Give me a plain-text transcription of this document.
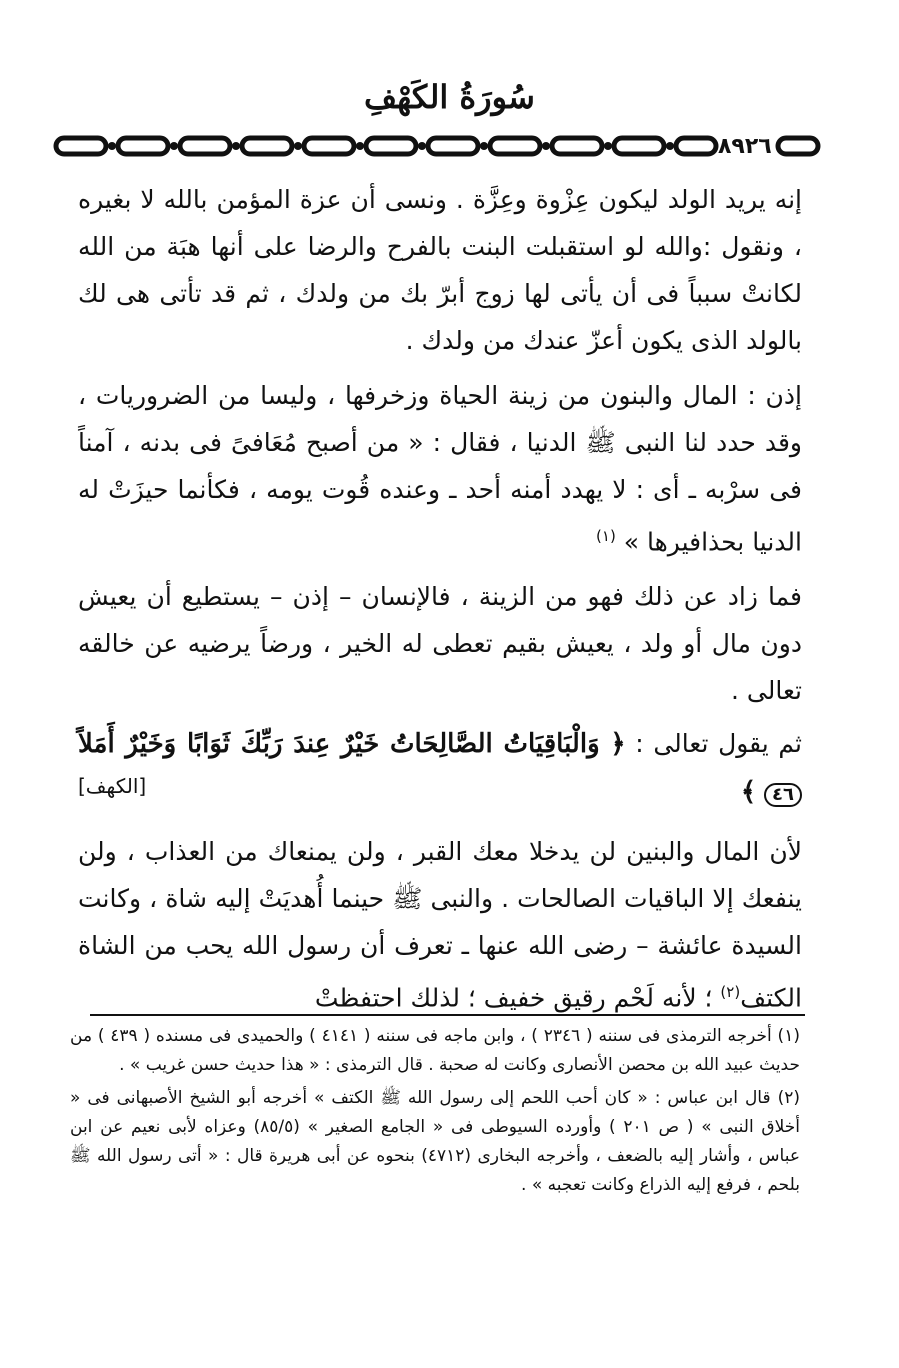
سُورَةُ الكَهْفِ
٨٩٢٦

إنه يريد الولد ليكون عِزْوة وعِزَّة . ونسى أن عزة المؤمن بالله لا بغيره ، ونقول :والله لو استقبلت البنت بالفرح والرضا على أنها هبَة من الله لكانتْ سبباً فى أن يأتى لها زوج أبرّ بك من ولدك ، ثم قد تأتى هى لك بالولد الذى يكون أعزّ عندك من ولدك .

إذن : المال والبنون من زينة الحياة وزخرفها ، وليسا من الضروريات ، وقد حدد لنا النبى ﷺ الدنيا ، فقال : « من أصبح مُعَافىً فى بدنه ، آمناً فى سرْبه ـ أى : لا يهدد أمنه أحد ـ وعنده قُوت يومه ، فكأنما حيزَتْ له الدنيا بحذافيرها » $^{(١)}$

فما زاد عن ذلك فهو من الزينة ، فالإنسان – إذن – يستطيع أن يعيش دون مال أو ولد ، يعيش بقيم تعطى له الخير ، ورضاً يرضيه عن خالقه تعالى .

ثم يقول تعالى : ﴿ وَالْبَاقِيَاتُ الصَّالِحَاتُ خَيْرٌ عِندَ رَبِّكَ ثَوَابًا وَخَيْرٌ أَمَلاً ٤٦ ﴾
[الكهف]

لأن المال والبنين لن يدخلا معك القبر ، ولن يمنعاك من العذاب ، ولن ينفعك إلا الباقيات الصالحات . والنبى ﷺ حينما أُهديَتْ إليه شاة ، وكانت السيدة عائشة – رضى الله عنها ـ تعرف أن رسول الله يحب من الشاة الكتف$^{(٢)}$ ؛ لأنه لَحْم رقيق خفيف ؛ لذلك احتفظتْ

(١) أخرجه الترمذى فى سننه ( ٢٣٤٦ ) ، وابن ماجه فى سننه ( ٤١٤١ ) والحميدى فى مسنده ( ٤٣٩ ) من حديث عبيد الله بن محصن الأنصارى وكانت له صحبة . قال الترمذى : « هذا حديث حسن غريب » .

(٢) قال ابن عباس : « كان أحب اللحم إلى رسول الله ﷺ الكتف » أخرجه أبو الشيخ الأصبهانى فى « أخلاق النبى » ( ص ٢٠١ ) وأورده السيوطى فى « الجامع الصغير » (٨٥/٥) وعزاه لأبى نعيم عن ابن عباس ، وأشار إليه بالضعف ، وأخرجه البخارى (٤٧١٢) بنحوه عن أبى هريرة قال : « أتى رسول الله ﷺ بلحم ، فرفع إليه الذراع وكانت تعجبه » .
